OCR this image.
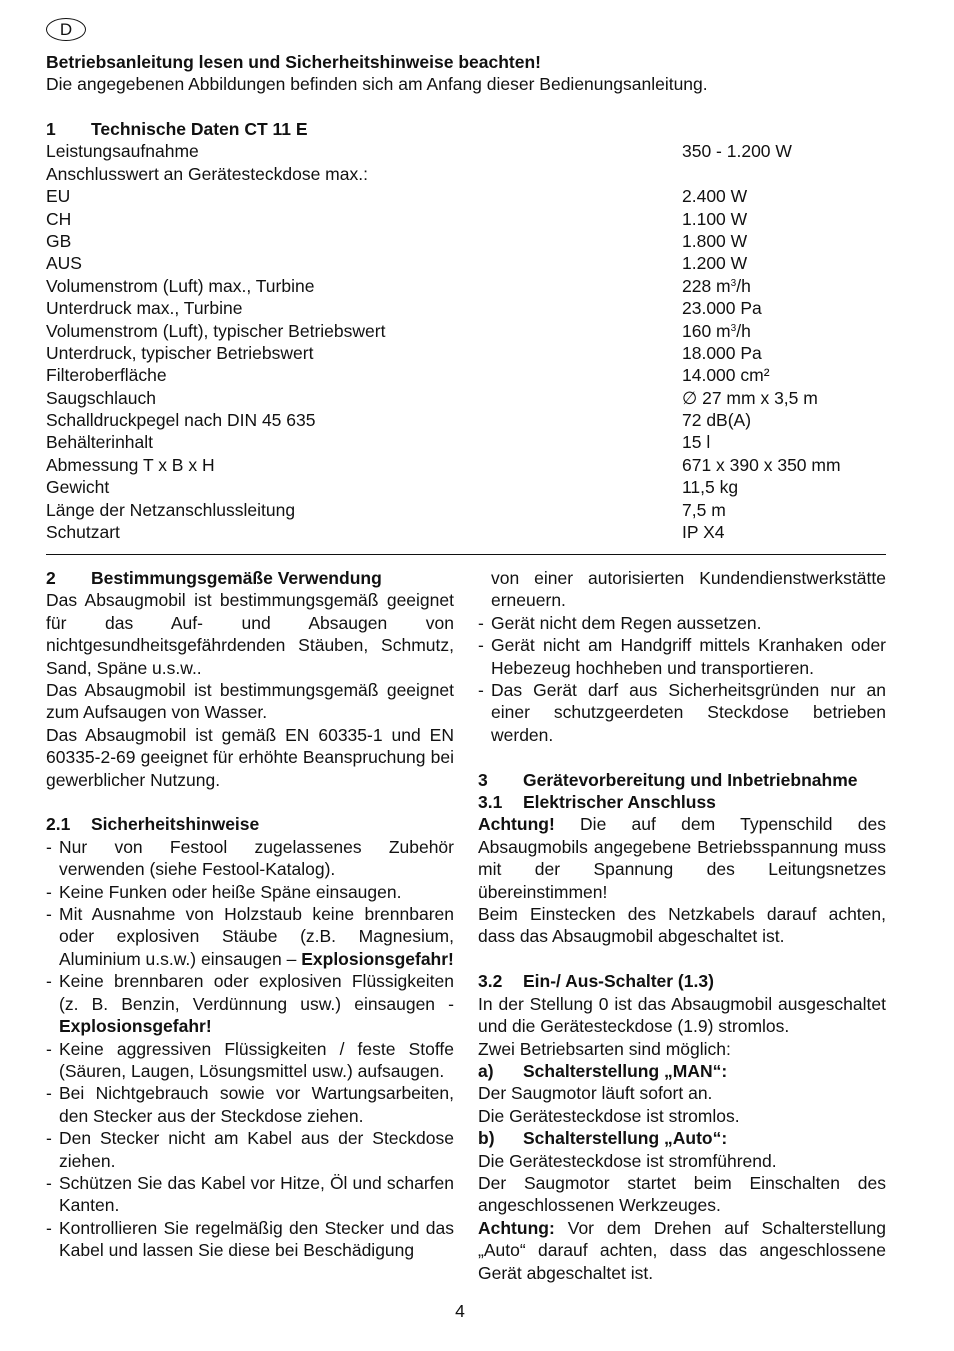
D
Betriebsanleitung lesen und Sicherheitshinweise beachten!
Die angegebenen Abbildungen befinden sich am Anfang dieser Bedienungsanleitung.
1 Technische Daten CT 11 E
Leistungsaufnahme	350 - 1.200 W
Anschlusswert an Gerätesteckdose max.:
EU	2.400 W
CH	1.100 W
GB	1.800 W
AUS	1.200 W
Volumenstrom (Luft) max., Turbine	228 $m^3/h$
Unterdruck max., Turbine	23.000 Pa
Volumenstrom (Luft), typischer Betriebswert	160 $m^3/h$
Unterdruck, typischer Betriebswert	18.000 Pa
Filteroberfläche	14.000 cm²
Saugschlauch	∅ 27 mm x 3,5 m
Schalldruckpegel nach DIN 45 635	72 dB(A)
Behälterinhalt	15 l
Abmessung T x B x H	671 x 390 x 350 mm
Gewicht	11,5 kg
Länge der Netzanschlussleitung	7,5 m
Schutzart	IP X4
2 Bestimmungsgemäße Verwendung
Das Absaugmobil ist bestimmungsgemäß geeignet für das Auf- und Absaugen von nichtgesundheitsgefährdenden Stäuben, Schmutz, Sand, Späne u.s.w..
Das Absaugmobil ist bestimmungsgemäß geeignet zum Aufsaugen von Wasser.
Das Absaugmobil ist gemäß EN 60335-1 und EN 60335-2-69 geeignet für erhöhte Beanspruchung bei gewerblicher Nutzung.
2.1 Sicherheitshinweise
- Nur von Festool zugelassenes Zubehör verwenden (siehe Festool-Katalog).
- Keine Funken oder heiße Späne einsaugen.
- Mit Ausnahme von Holzstaub keine brennbaren oder explosiven Stäube (z.B. Magnesium, Aluminium u.s.w.) einsaugen – Explosionsgefahr!
- Keine brennbaren oder explosiven Flüssigkeiten (z. B. Benzin, Verdünnung usw.) einsaugen -Explosionsgefahr!
- Keine aggressiven Flüssigkeiten / feste Stoffe (Säuren, Laugen, Lösungsmittel usw.) aufsaugen.
- Bei Nichtgebrauch sowie vor Wartungsarbeiten, den Stecker aus der Steckdose ziehen.
- Den Stecker nicht am Kabel aus der Steckdose ziehen.
- Schützen Sie das Kabel vor Hitze, Öl und scharfen Kanten.
- Kontrollieren Sie regelmäßig den Stecker und das Kabel und lassen Sie diese bei Beschädigung
von einer autorisierten Kundendienstwerkstätte erneuern.
- Gerät nicht dem Regen aussetzen.
- Gerät nicht am Handgriff mittels Kranhaken oder Hebezeug hochheben und transportieren.
- Das Gerät darf aus Sicherheitsgründen nur an einer schutzgeerdeten Steckdose betrieben werden.
3 Gerätevorbereitung und Inbetriebnahme
3.1 Elektrischer Anschluss
Achtung! Die auf dem Typenschild des Absaugmobils angegebene Betriebsspannung muss mit der Spannung des Leitungsnetzes übereinstimmen!
Beim Einstecken des Netzkabels darauf achten, dass das Absaugmobil abgeschaltet ist.
3.2 Ein-/ Aus-Schalter (1.3)
In der Stellung 0 ist das Absaugmobil ausgeschaltet und die Gerätesteckdose (1.9) stromlos.
Zwei Betriebsarten sind möglich:
a) Schalterstellung „MAN“:
Der Saugmotor läuft sofort an.
Die Gerätesteckdose ist stromlos.
b) Schalterstellung „Auto“:
Die Gerätesteckdose ist stromführend.
Der Saugmotor startet beim Einschalten des angeschlossenen Werkzeuges.
Achtung: Vor dem Drehen auf Schalterstellung „Auto“ darauf achten, dass das angeschlossene Gerät abgeschaltet ist.
4
